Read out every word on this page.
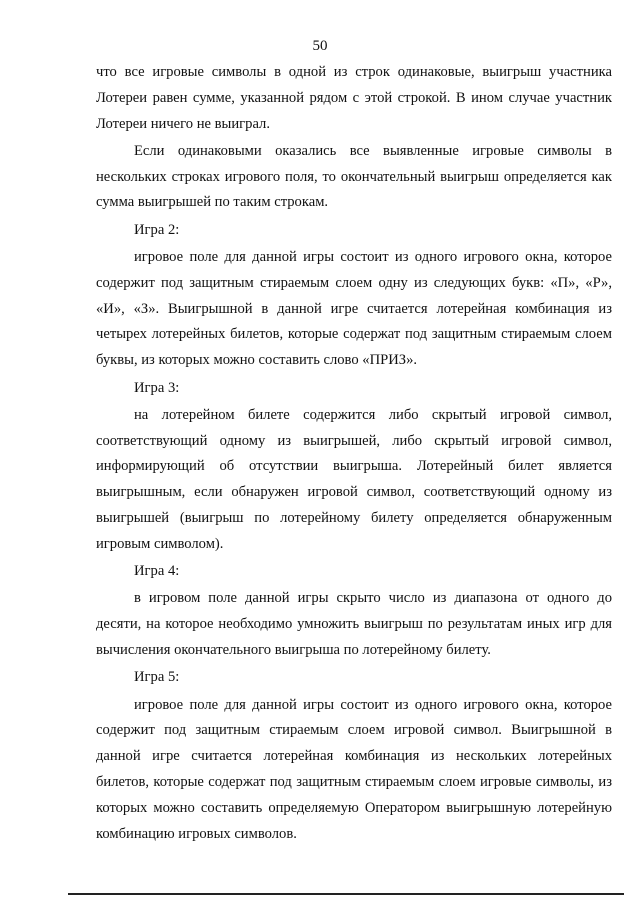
50

что все игровые символы в одной из строк одинаковые, выигрыш участника Лотереи равен сумме, указанной рядом с этой строкой. В ином случае участник Лотереи ничего не выиграл.

Если одинаковыми оказались все выявленные игровые символы в нескольких строках игрового поля, то окончательный выигрыш определяется как сумма выигрышей по таким строкам.

Игра 2:

игровое поле для данной игры состоит из одного игрового окна, которое содержит под защитным стираемым слоем одну из следующих букв: «П», «Р», «И», «З». Выигрышной в данной игре считается лотерейная комбинация из четырех лотерейных билетов, которые содержат под защитным стираемым слоем буквы, из которых можно составить слово «ПРИЗ».

Игра 3:

на лотерейном билете содержится либо скрытый игровой символ, соответствующий одному из выигрышей, либо скрытый игровой символ, информирующий об отсутствии выигрыша. Лотерейный билет является выигрышным, если обнаружен игровой символ, соответствующий одному из выигрышей (выигрыш по лотерейному билету определяется обнаруженным игровым символом).

Игра 4:

в игровом поле данной игры скрыто число из диапазона от одного до десяти, на которое необходимо умножить выигрыш по результатам иных игр для вычисления окончательного выигрыша по лотерейному билету.

Игра 5:

игровое поле для данной игры состоит из одного игрового окна, которое содержит под защитным стираемым слоем игровой символ. Выигрышной в данной игре считается лотерейная комбинация из нескольких лотерейных билетов, которые содержат под защитным стираемым слоем игровые символы, из которых можно составить определяемую Оператором выигрышную лотерейную комбинацию игровых символов.
